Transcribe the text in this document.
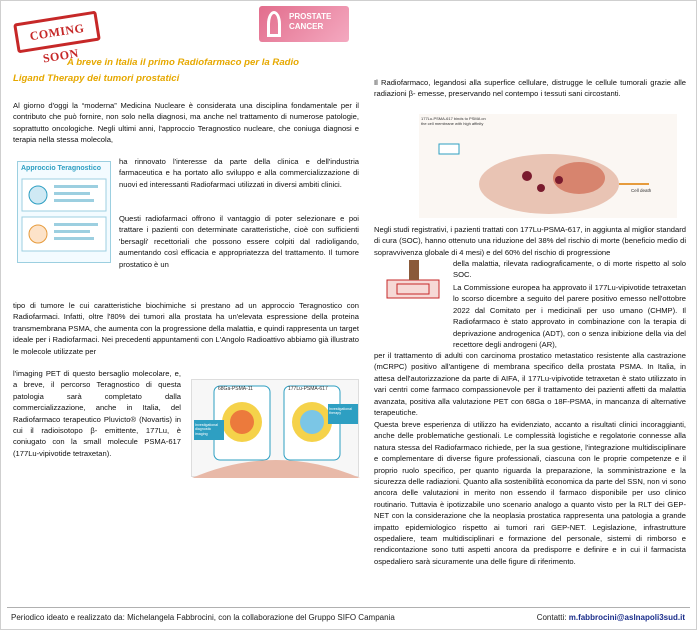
COMING SOON
PROSTATE CANCER
A breve in Italia il primo Radiofarmaco per la Radio
Ligand Therapy dei tumori prostatici
Al giorno d'oggi la “moderna” Medicina Nucleare è considerata una disciplina fondamentale per il contributo che può fornire, non solo nella diagnosi, ma anche nel trattamento di numerose patologie, soprattutto oncologiche. Negli ultimi anni, l'approccio Teragnostico nucleare, che coniuga diagnosi e terapia nella stessa molecola,
ha rinnovato l'interesse da parte della clinica e dell'industria farmaceutica e ha portato allo sviluppo e alla commercializzazione di nuovi ed interessanti Radiofarmaci utilizzati in diversi ambiti clinici.
Questi radiofarmaci offrono il vantaggio di poter selezionare e poi trattare i pazienti con determinate caratteristiche, cioè con sufficienti 'bersagli' recettoriali che possono essere colpiti dal radioligando, aumentando così efficacia e appropriatezza del trattamento. Il tumore prostatico è un
Approccio Teragnostico
tipo di tumore le cui caratteristiche biochimiche si prestano ad un approccio Teragnostico con Radiofarmaci. Infatti, oltre l'80% dei tumori alla prostata ha un'elevata espressione della proteina transmembrana PSMA, che aumenta con la progressione della malattia, e quindi rappresenta un target ideale per i Radiofarmaci. Nei precedenti appuntamenti con L'Angolo Radioattivo abbiamo già illustrato le molecole utilizzate per
l'imaging PET di questo bersaglio molecolare, e, a breve, il percorso Teragnostico di questa patologia sarà completato dalla commercializzazione, anche in Italia, del Radiofarmaco terapeutico Pluvicto® (Novartis) in cui il radioisotopo β- emittente, 177Lu, è coniugato con la small molecule PSMA-617 (177Lu-vipivotide tetraxetan).
68Ga-PSMA-11	177Lu-PSMA-617
Investigational diagnostic imaging
Investigational therapy
Il Radiofarmaco, legandosi alla superfice cellulare, distrugge le cellule tumorali grazie alle radiazioni β- emesse, preservando nel contempo i tessuti sani circostanti.
177Lu-PSMA-617 binds to PSMA on the cell membrane with high affinity
Cell death
Negli studi registrativi, i pazienti trattati con 177Lu-PSMA-617, in aggiunta al miglior standard di cura (SOC), hanno ottenuto una riduzione del 38% del rischio di morte (beneficio medio di sopravvivenza globale di 4 mesi) e del 60% del rischio di progressione
della malattia, rilevata radiograficamente, o di morte rispetto al solo SOC.
La Commissione europea ha approvato il 177Lu-vipivotide tetraxetan lo scorso dicembre a seguito del parere positivo emesso nell'ottobre 2022 dal Comitato per i medicinali per uso umano (CHMP). Il Radiofarmaco è stato approvato in combinazione con la terapia di deprivazione androgenica (ADT), con o senza inibizione della via del recettore degli androgeni (AR),
per il trattamento di adulti con carcinoma prostatico metastatico resistente alla castrazione (mCRPC) positivo all'antigene di membrana specifico della prostata PSMA. In Italia, in attesa dell'autorizzazione da parte di AIFA, il 177Lu-vipivotide tetraxetan è stato utilizzato in vari centri come farmaco compassionevole per il trattamento dei pazienti affetti da malattia avanzata, positiva alla valutazione PET con 68Ga o 18F-PSMA, in mancanza di alternative terapeutiche.
Questa breve esperienza di utilizzo ha evidenziato, accanto a risultati clinici incoraggianti, anche delle problematiche gestionali. Le complessità logistiche e regolatorie connesse alla natura stessa del Radiofarmaco richiede, per la sua gestione, l'integrazione multidisciplinare e complementare di diverse figure professionali, ciascuna con le proprie competenze e il proprio ruolo specifico, per quanto riguarda la preparazione, la somministrazione e la sicurezza delle radiazioni. Quanto alla sostenibilità economica da parte del SSN, non vi sono ancora delle valutazioni in merito non essendo il farmaco disponibile per uso clinico routinario. Tuttavia è ipotizzabile uno scenario analogo a quanto visto per la RLT dei GEP-NET con la considerazione che la neoplasia prostatica rappresenta una patologia a grande impatto epidemiologico rispetto ai tumori rari GEP-NET. Legislazione, infrastrutture ospedaliere, team multidisciplinari e formazione del personale, sistemi di rimborso e rendicontazione sono tutti aspetti ancora da predisporre e definire e in cui il farmacista ospedaliero sarà sicuramente una delle figure di riferimento.
Periodico ideato e realizzato da: Michelangela Fabbrocini, con la collaborazione del Gruppo SIFO Campania	Contatti: m.fabbrocini@aslnapoli3sud.it
